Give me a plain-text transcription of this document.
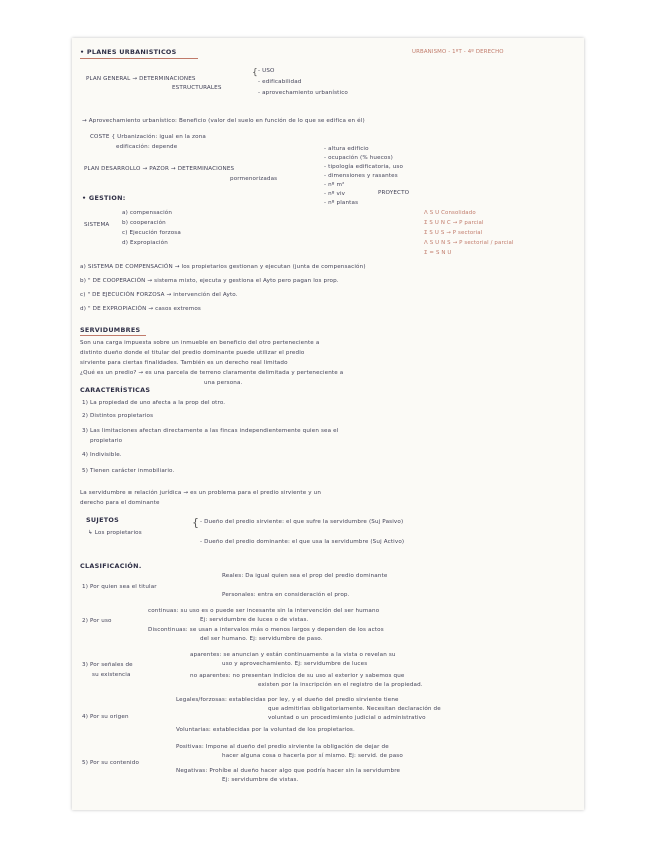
• PLANES URBANISTICOS	URBANISMO - 1ºT - 4º DERECHO
PLAN GENERAL → DETERMINACIONES
ESTRUCTURALES
{ - USO
- edificabilidad
- aprovechamiento urbanístico
→ Aprovechamiento urbanístico: Beneficio (valor del suelo en función de lo que se edifica en él)
COSTE { Urbanización: igual en la zona
edificación: depende
PLAN DESARROLLO → PAZOR → DETERMINACIONES
pormenorizadas
- altura edificio
- ocupación (% huecos)
- tipología edificatoria, uso
- dimensiones y rasantes
- nº m²
- nº viv
- nº plantas
PROYECTO
• GESTION:
SISTEMA
a) compensación
b) cooperación
c) Ejecución forzosa
d) Expropiación
Λ S U Consolidado
Σ S U N C → P parcial
Σ S U S → P sectorial
Λ S U N S → P sectorial / parcial
Σ = S N U
a) SISTEMA DE COMPENSACIÓN → los propietarios gestionan y ejecutan (junta de compensación)
b) " DE COOPERACIÓN → sistema mixto, ejecuta y gestiona el Ayto pero pagan los prop.
c) " DE EJECUCIÓN FORZOSA → intervención del Ayto.
d) " DE EXPROPIACIÓN → casos extremos
SERVIDUMBRES
Son una carga impuesta sobre un inmueble en beneficio del otro perteneciente a
distinto dueño donde el titular del predio dominante puede utilizar el predio
sirviente para ciertas finalidades. También es un derecho real limitado
¿Qué es un predio? → es una parcela de terreno claramente delimitada y perteneciente a
una persona.
CARACTERÍSTICAS
1) La propiedad de uno afecta a la prop del otro.
2) Distintos propietarios
3) Las limitaciones afectan directamente a las fincas independientemente quien sea el
propietario
4) Indivisible.
5) Tienen carácter inmobiliario.
La servidumbre ≡ relación jurídica → es un problema para el predio sirviente y un
derecho para el dominante
SUJETOS
↳ Los propietarios
{ - Dueño del predio sirviente: el que sufre la servidumbre (Suj Pasivo)
- Dueño del predio dominante: el que usa la servidumbre (Suj Activo)
CLASIFICACIÓN.
1) Por quien sea el titular
Reales: Da igual quien sea el prop del predio dominante
Personales: entra en consideración el prop.
2) Por uso
continuas: su uso es o puede ser incesante sin la intervención del ser humano
Ej: servidumbre de luces o de vistas.
Discontinuas: se usan a intervalos más o menos largos y dependen de los actos
del ser humano. Ej: servidumbre de paso.
3) Por señales de
su existencia
aparentes: se anuncian y están continuamente a la vista o revelan su
uso y aprovechamiento. Ej: servidumbre de luces
no aparentes: no presentan indicios de su uso al exterior y sabemos que
existen por la inscripción en el registro de la propiedad.
4) Por su origen
Legales/forzosas: establecidas por ley, y el dueño del predio sirviente tiene
que admitirlas obligatoriamente. Necesitan declaración de
voluntad o un procedimiento judicial o administrativo
Voluntarias: establecidas por la voluntad de los propietarios.
5) Por su contenido
Positivas: Impone al dueño del predio sirviente la obligación de dejar de
hacer alguna cosa o hacerla por sí mismo. Ej: servid. de paso
Negativas: Prohíbe al dueño hacer algo que podría hacer sin la servidumbre
Ej: servidumbre de vistas.
